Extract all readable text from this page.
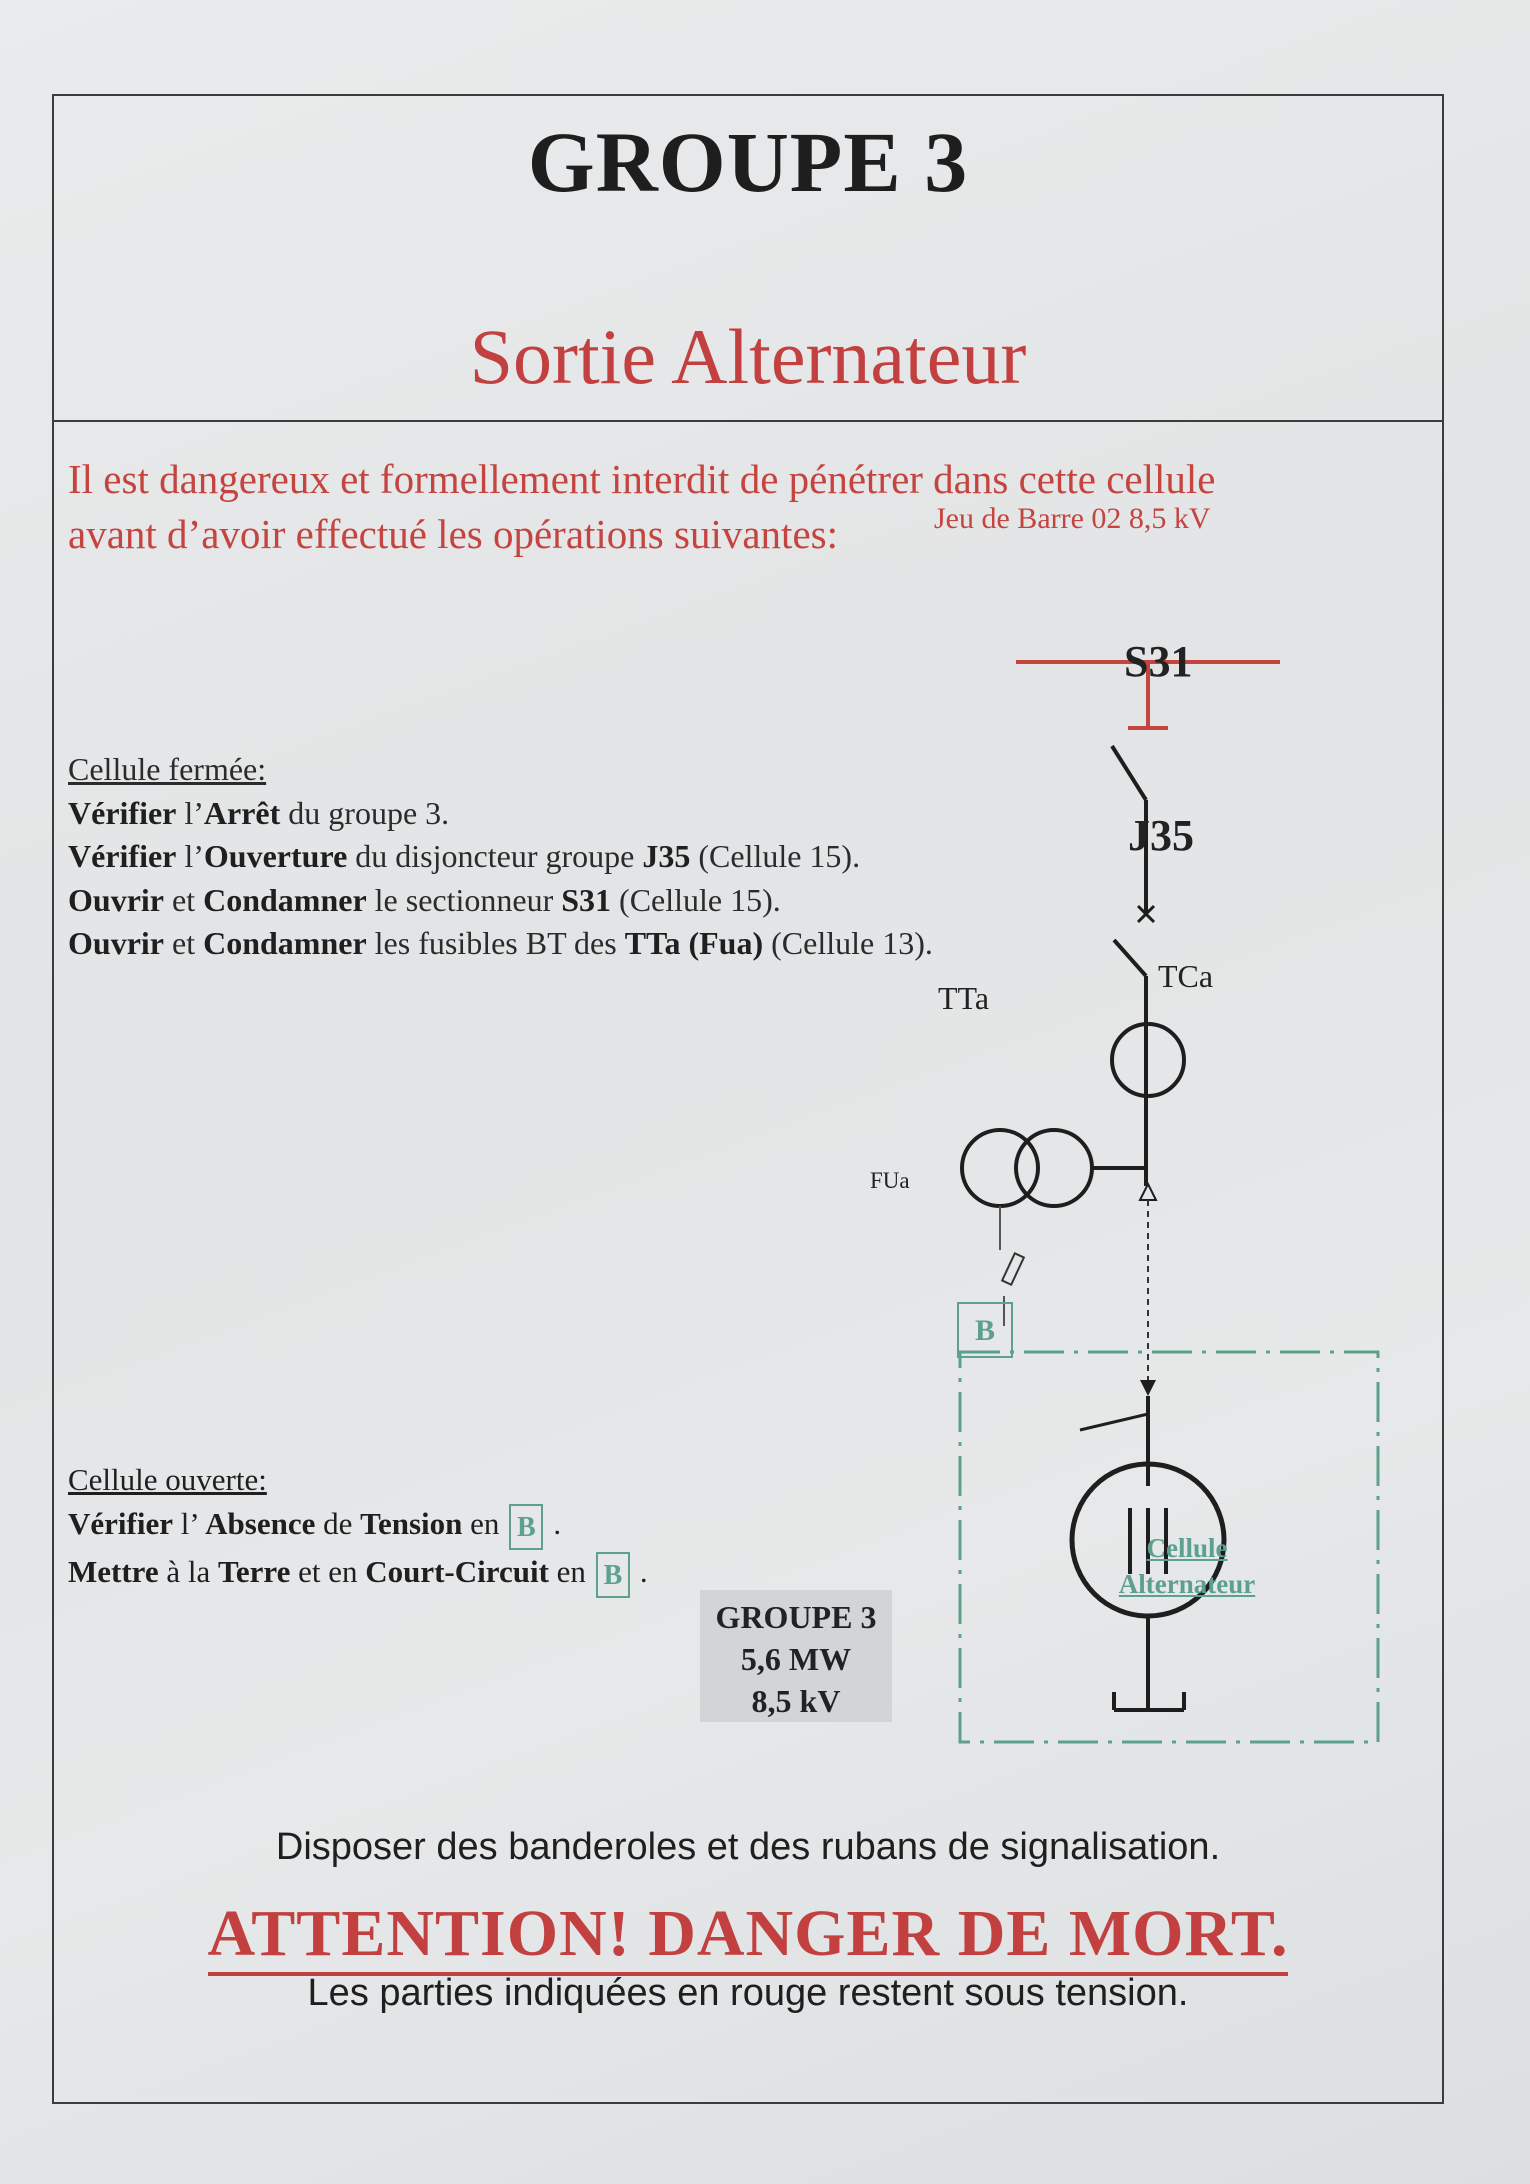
GROUPE 3
Sortie Alternateur
Il est dangereux et formellement interdit de pénétrer dans cette cellule
avant d’avoir effectué les opérations suivantes:
Cellule fermée:
Vérifier l’Arrêt du groupe 3.
Vérifier l’Ouverture du disjoncteur groupe J35 (Cellule 15).
Ouvrir et Condamner le sectionneur S31 (Cellule 15).
Ouvrir et Condamner les fusibles BT des TTa (Fua) (Cellule 13).
Cellule ouverte:
Vérifier l’ Absence de Tension en B .
Mettre à la Terre et en Court-Circuit en B .
GROUPE 3
5,6 MW
8,5 kV
Disposer des banderoles et des rubans de signalisation.
ATTENTION! DANGER DE MORT.
Les parties indiquées en rouge restent sous tension.
Jeu de Barre 02 8,5 kV
S31
J35
TCa
TTa
FUa
B
Cellule
Alternateur
